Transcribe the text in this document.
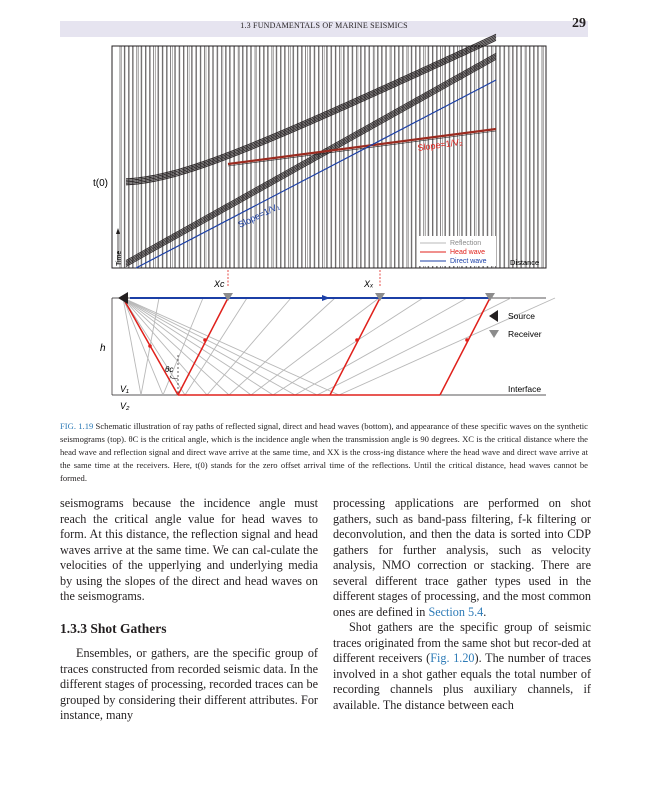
1.3 FUNDAMENTALS OF MARINE SEISMICS	29
t(0)
Slope=1/V₂
Slope=1/V₁
Time
Reflection
Head wave
Direct wave	Distance
Xᴄ	Xₓ
θc
h
V₁
V₂
Interface
Source
Receiver
FIG. 1.19 Schematic illustration of ray paths of reflected signal, direct and head waves (bottom), and appearance of these specific waves on the synthetic seismograms (top). θC is the critical angle, which is the incidence angle when the transmission angle is 90 degrees. XC is the critical distance where the head wave and reflection signal and direct wave arrive at the same time, and XX is the cross-ing distance where the head wave and direct wave arrive at the same time at the receivers. Here, t(0) stands for the zero offset arrival time of the reflections. Until the critical distance, head waves cannot be formed.

seismograms because the incidence angle must reach the critical angle value for head waves to form. At this distance, the reflection signal and head waves arrive at the same time. We can cal-culate the velocities of the upperlying and underlying media by using the slopes of the direct and head waves on the seismograms.

1.3.3 Shot Gathers

Ensembles, or gathers, are the specific group of traces constructed from recorded seismic data. In the different stages of processing, recorded traces can be grouped by considering their different attributes. For instance, many

processing applications are performed on shot gathers, such as band-pass filtering, f-k filtering or deconvolution, and then the data is sorted into CDP gathers for further analysis, such as velocity analysis, NMO correction or stacking. There are several different trace gather types used in the different stages of processing, and the most common ones are defined in Section 5.4.

Shot gathers are the specific group of seismic traces originated from the same shot but recor-ded at different receivers (Fig. 1.20). The number of traces involved in a shot gather equals the total number of recording channels plus auxiliary channels, if available. The distance between each
